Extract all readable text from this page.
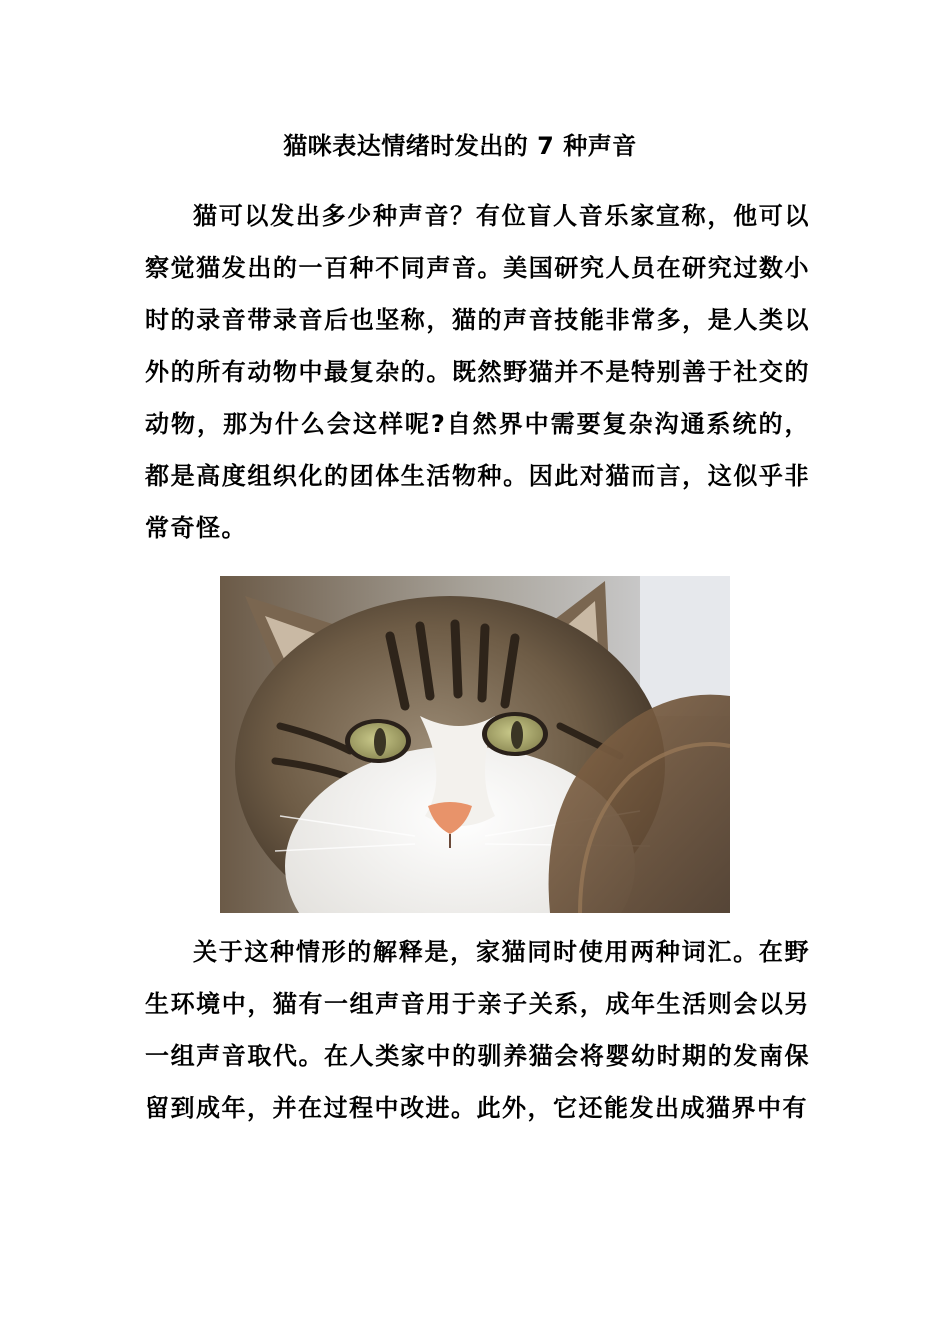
猫咪表达情绪时发出的 7 种声音

猫可以发出多少种声音？有位盲人音乐家宣称，他可以察觉猫发出的一百种不同声音。美国研究人员在研究过数小时的录音带录音后也坚称，猫的声音技能非常多，是人类以外的所有动物中最复杂的。既然野猫并不是特别善于社交的动物，那为什么会这样呢?自然界中需要复杂沟通系统的，都是高度组织化的团体生活物种。因此对猫而言，这似乎非常奇怪。

关于这种情形的解释是，家猫同时使用两种词汇。在野生环境中，猫有一组声音用于亲子关系，成年生活则会以另一组声音取代。在人类家中的驯养猫会将婴幼时期的发南保留到成年，并在过程中改进。此外，它还能发出成猫界中有
